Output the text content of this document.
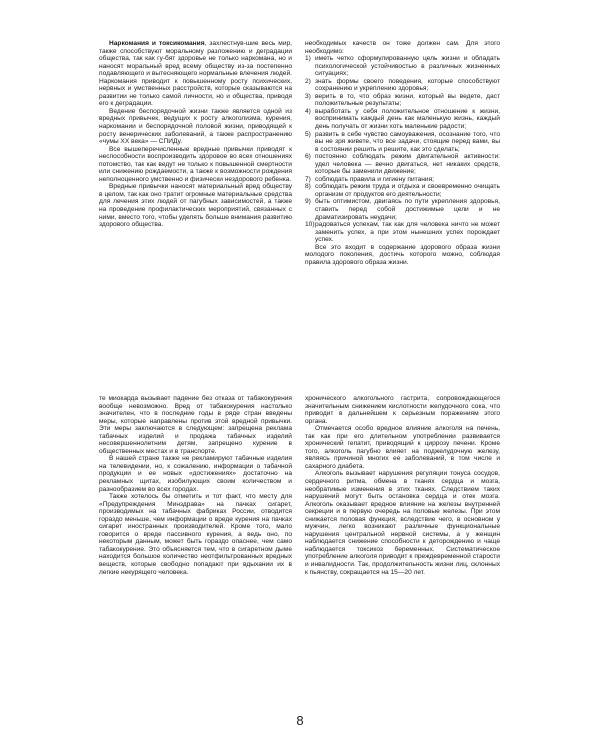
Наркомания и токсикомания, захлестнув-шие весь мир, также способствуют моральному разложению и деградации общества, так как гу-бят здоровье не только наркомана, но и наносят моральный вред всему обществу из-за постепенно подавляющего и вытесняющего нормальные влечения людей. Наркомания приводит к повышенному росту психических, нервных и умственных расстройств, которые сказываются на развитии не только самой личности, но и общества, приводя его к деградации.

Ведение беспорядочной жизни также является одной из вредных привычек, ведущих к росту алкоголизма, курения, наркомании и беспорядочной половой жизни, приводящей к росту венерических заболеваний, а также распространению «чумы XX века» — СПИДу.

Все вышеперечисленные вредные привычки приводят к неспособности воспроизводить здоровое во всех отношениях потомство, так как ведут не только к повышенной смертности или снижению рождаемости, а также к возможности рождения неполноценного умственно и физически нездорового ребенка.

Вредные привычки наносят материальный вред обществу в целом, так как оно тратит огромные материальные средства для лечения этих людей от пагубных зависимостей, а также на проведение профилактических мероприятий, связанных с ними, вместо того, чтобы уделять больше внимания развитию здорового общества.

необходимых качеств он тоже должен сам. Для этого необходимо:

1) иметь четко сформулированную цель жизни и обладать психологической устойчивостью в различных жизненных ситуациях;

2) знать формы своего поведения, которые способствуют сохранению и укреплению здоровья;

3) верить в то, что образ жизни, который вы ведете, даст положительные результаты;

4) выработать у себя положительное отношение к жизни, воспринимать каждый день как маленькую жизнь, каждый день получать от жизни хоть маленькие радости;

5) развить в себе чувство самоуважения, осознание того, что вы не зря живете, что все задачи, стоящие перед вами, вы в состоянии решить и решите, как это сделать;

6) постоянно соблюдать режим двигательной активности: удел человека — вечно двигаться, нет никаких средств, которые бы заменили движение;

7) соблюдать правила и гигиену питания;

8) соблюдать режим труда и отдыха и своевременно очищать организм от продуктов его деятельности;

9) быть оптимистом, двигаясь по пути укрепления здоровья, ставить перед собой достижимые цели и не драматизировать неудачи;

10) радоваться успехам, так как для человека ничто не может заменить успех, а при этом нынешних успех порождает успех.

Все это входит в содержание здорового образа жизни молодого поколения, достичь которого можно, соблюдая правила здорового образа жизни.

те миокарда вызывает падение без отказа от табакокурения вообще невозможно. Вред от табакокурения настолько значителен, что в последние годы в ряде стран введены меры, которые направлены против этой вредной привычки. Эти меры заключаются в следующем: запрещена реклама табачных изделий и продажа табачных изделий несовершеннолетним детям, запрещено курение в общественных местах и в транспорте.

В нашей стране также не рекламируют табачные изделия на телевидении, но, к сожалению, информации о табачной продукции и ее новых «достижениях» достаточно на рекламных щитах, изобилующих своим количеством и разнообразием во всех городах.

Также хотелось бы отметить и тот факт, что месту для «Предупреждения Минздрава» на пачках сигарет, производимых на табачных фабриках России, отводится гораздо меньше, чем информации о вреде курения на пачках сигарет иностранных производителей. Кроме того, мало говорится о вреде пассивного курения, а ведь оно, по некоторым данным, может быть гораздо опаснее, чем само табакокурение. Это объясняется тем, что в сигаретном дыме находится большое количество неотфильтрованных вредных веществ, которые свободно попадают при вдыхании их в легкие некурящего человека.

хронического алкогольного гастрита, сопровождающегося значительным снижением кислотности желудочного сока, что приводит в дальнейшем к серьезным поражениям этого органа.

Отмечается особо вредное влияние алкоголя на печень, так как при его длительном употреблении развивается хронический гепатит, приводящий к циррозу печени. Кроме того, алкоголь пагубно влияет на поджелудочную железу, являясь причиной многих ее заболеваний, в том числе и сахарного диабета.

Алкоголь вызывает нарушения регуляции тонуса сосудов, сердечного ритма, обмена в тканях сердца и мозга, необратимые изменения в этих тканях. Следствием таких нарушений могут быть остановка сердца и отек мозга. Алкоголь оказывает вредное влияние на железы внутренней секреции и в первую очередь на половые железы. При этом снижается половая функция, вследствие чего, в основном у мужчин, легко возникают различные функциональные нарушения центральной нервной системы, а у женщин наблюдается снижение способности к деторождению и чаще наблюдается токсикоз беременных. Систематическое употребление алкоголя приводит к преждевременной старости и инвалидности. Так, продолжительность жизни лиц, склонных к пьянству, сокращается на 15—20 лет.

8
